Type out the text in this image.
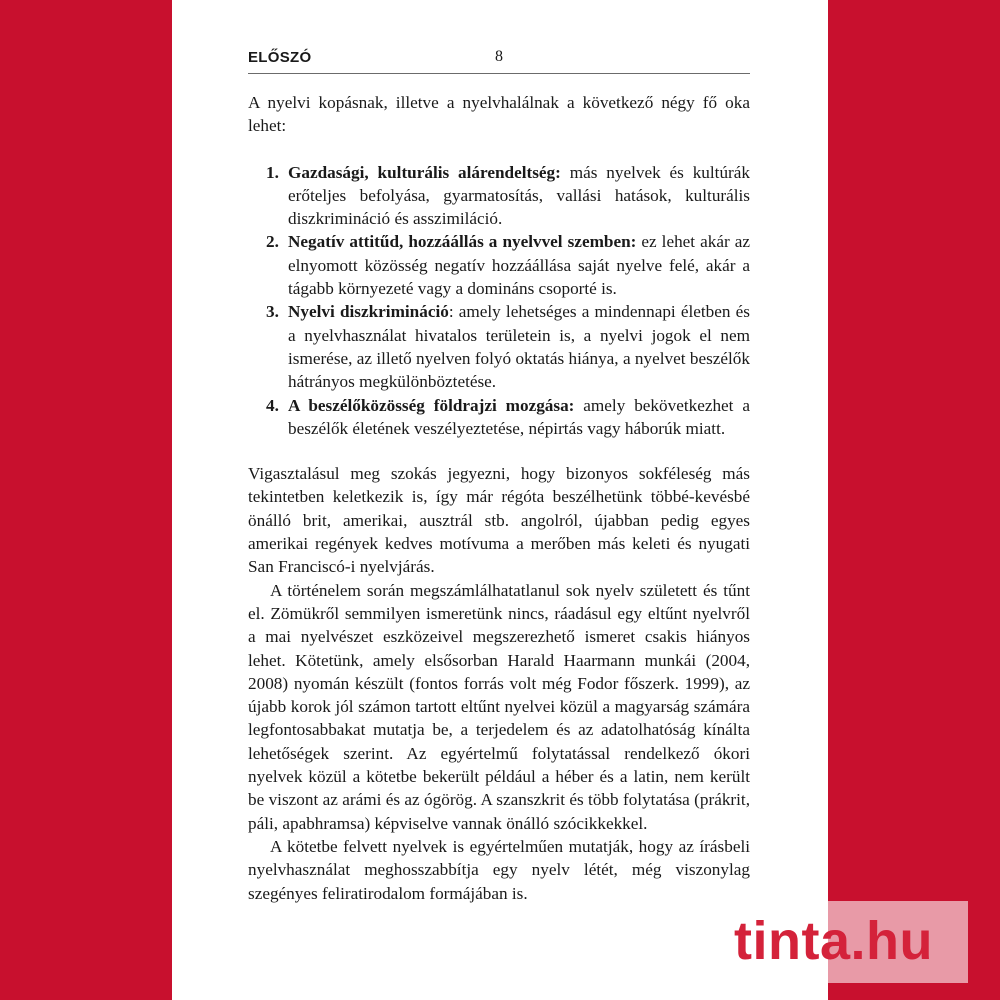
ELŐSZÓ	8

A nyelvi kopásnak, illetve a nyelvhalálnak a következő négy fő oka lehet:

1. Gazdasági, kulturális alárendeltség: más nyelvek és kultúrák erőteljes befolyása, gyarmatosítás, vallási hatások, kulturális diszkrimináció és asszimiláció.
2. Negatív attitűd, hozzáállás a nyelvvel szemben: ez lehet akár az elnyomott közösség negatív hozzáállása saját nyelve felé, akár a tágabb környezeté vagy a domináns csoporté is.
3. Nyelvi diszkrimináció: amely lehetséges a mindennapi életben és a nyelvhasználat hivatalos területein is, a nyelvi jogok el nem ismerése, az illető nyelven folyó oktatás hiánya, a nyelvet beszélők hátrányos megkülönböztetése.
4. A beszélőközösség földrajzi mozgása: amely bekövetkezhet a beszélők életének veszélyeztetése, népirtás vagy háborúk miatt.

Vigasztalásul meg szokás jegyezni, hogy bizonyos sokféleség más tekintetben keletkezik is, így már régóta beszélhetünk többé-kevésbé önálló brit, amerikai, ausztrál stb. angolról, újabban pedig egyes amerikai regények kedves motívuma a merőben más keleti és nyugati San Franciscó-i nyelvjárás.

A történelem során megszámlálhatatlanul sok nyelv született és tűnt el. Zömükről semmilyen ismeretünk nincs, ráadásul egy eltűnt nyelvről a mai nyelvészet eszközeivel megszerezhető ismeret csakis hiányos lehet. Kötetünk, amely elsősorban Harald Haarmann munkái (2004, 2008) nyomán készült (fontos forrás volt még Fodor főszerk. 1999), az újabb korok jól számon tartott eltűnt nyelvei közül a magyarság számára legfontosabbakat mutatja be, a terjedelem és az adatolhatóság kínálta lehetőségek szerint. Az egyértelmű folytatással rendelkező ókori nyelvek közül a kötetbe bekerült például a héber és a latin, nem került be viszont az arámi és az ógörög. A szanszkrit és több folytatása (prákrit, páli, apabhramsa) képviselve vannak önálló szócikkekkel.

A kötetbe felvett nyelvek is egyértelműen mutatják, hogy az írásbeli nyelvhasználat meghosszabbítja egy nyelv létét, még viszonylag szegényes feliratirodalom formájában is.

tinta.hu
